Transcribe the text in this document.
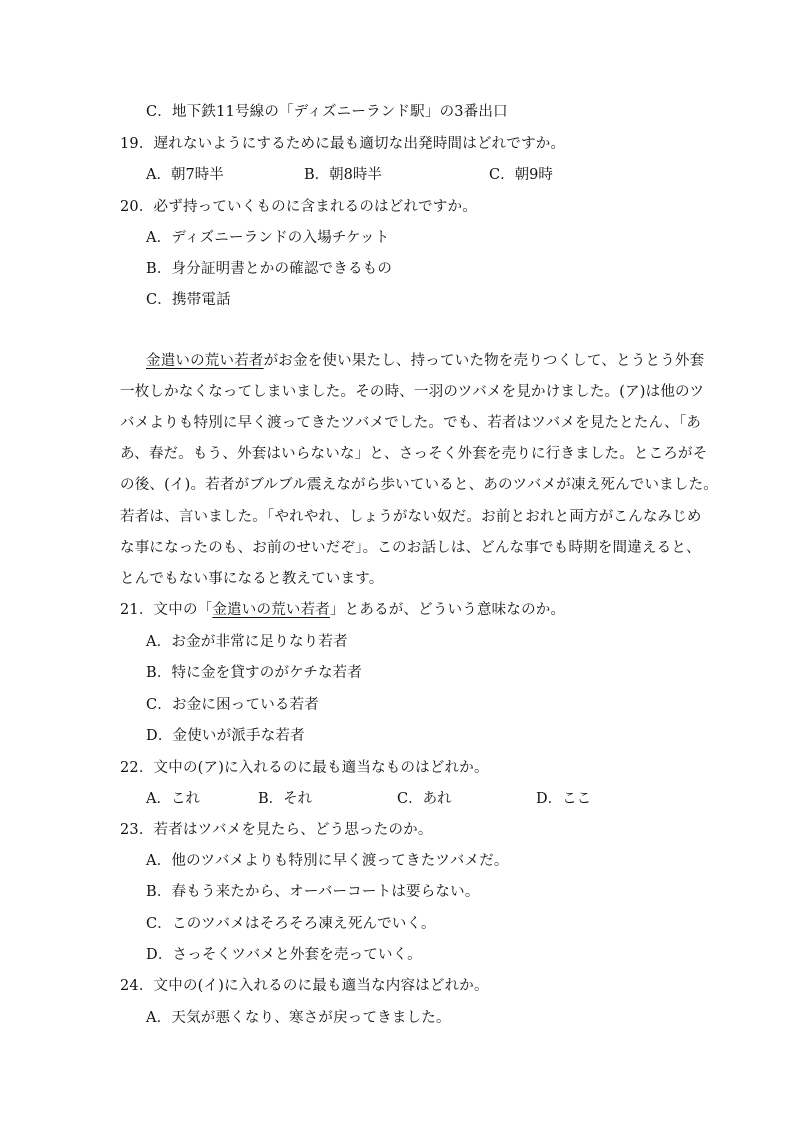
C．地下鉄11号線の「ディズニーランド駅」の3番出口
19．遅れないようにするために最も適切な出発時間はどれですか。
A．朝7時半	B．朝8時半	C．朝9時
20．必ず持っていくものに含まれるのはどれですか。
A．ディズニーランドの入場チケット
B．身分証明書とかの確認できるもの
C．携帯電話
金遣いの荒い若者がお金を使い果たし、持っていた物を売りつくして、とうとう外套
一枚しかなくなってしまいました。その時、一羽のツバメを見かけました。(ア)は他のツ
バメよりも特別に早く渡ってきたツバメでした。でも、若者はツバメを見たとたん、「あ
あ、春だ。もう、外套はいらないな」と、さっそく外套を売りに行きました。ところがそ
の後、(イ)。若者がブルブル震えながら歩いていると、あのツバメが凍え死んでいました。
若者は、言いました。「やれやれ、しょうがない奴だ。お前とおれと両方がこんなみじめ
な事になったのも、お前のせいだぞ」。このお話しは、どんな事でも時期を間違えると、
とんでもない事になると教えています。
21．文中の「金遣いの荒い若者」とあるが、どういう意味なのか。
A．お金が非常に足りなり若者
B．特に金を貸すのがケチな若者
C．お金に困っている若者
D．金使いが派手な若者
22．文中の(ア)に入れるのに最も適当なものはどれか。
A．これ	B．それ	C．あれ	D．ここ
23．若者はツバメを見たら、どう思ったのか。
A．他のツバメよりも特別に早く渡ってきたツバメだ。
B．春もう来たから、オーバーコートは要らない。
C．このツバメはそろそろ凍え死んでいく。
D．さっそくツバメと外套を売っていく。
24．文中の(イ)に入れるのに最も適当な内容はどれか。
A．天気が悪くなり、寒さが戻ってきました。
